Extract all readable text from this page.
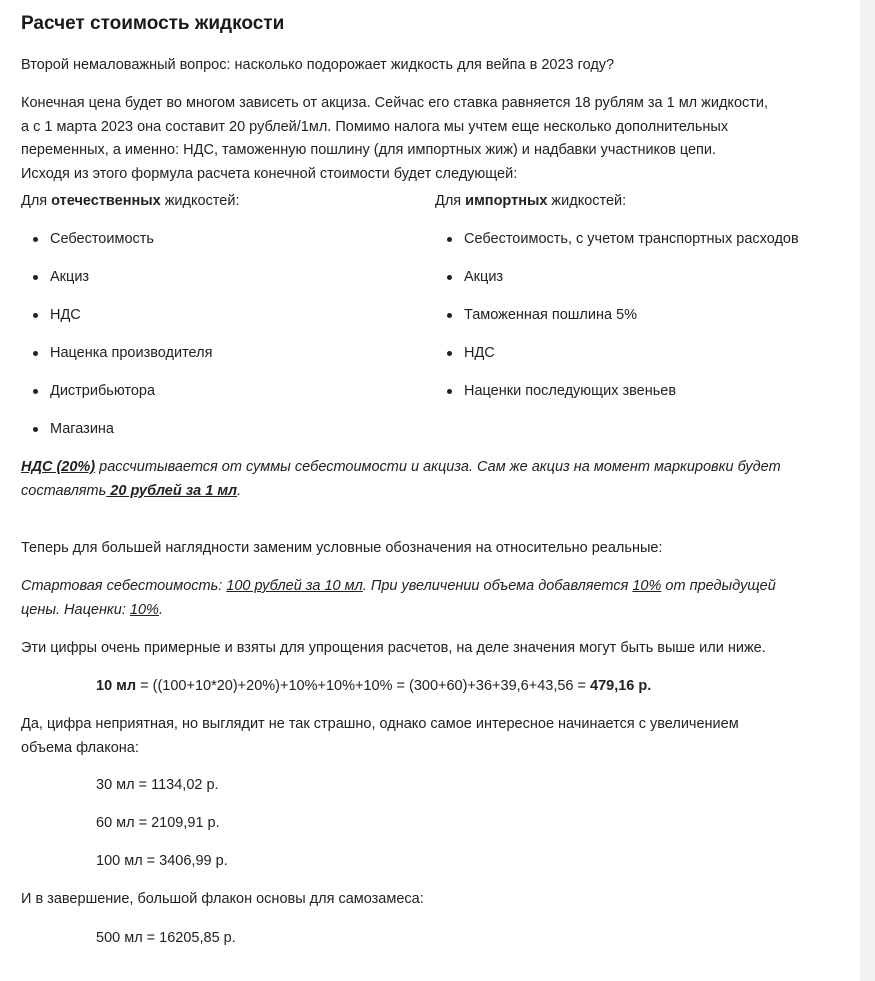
Расчет стоимость жидкости
Второй немаловажный вопрос: насколько подорожает жидкость для вейпа в 2023 году?
Конечная цена будет во многом зависеть от акциза. Сейчас его ставка равняется 18 рублям за 1 мл жидкости,
а с 1 марта 2023 она составит 20 рублей/1мл. Помимо налога мы учтем еще несколько дополнительных
переменных, а именно: НДС, таможенную пошлину (для импортных жиж) и надбавки участников цепи.
Исходя из этого формула расчета конечной стоимости будет следующей:
Для отечественных жидкостей:
Себестоимость
Акциз
НДС
Наценка производителя
Дистрибьютора
Магазина
Для импортных жидкостей:
Себестоимость, с учетом транспортных расходов
Акциз
Таможенная пошлина 5%
НДС
Наценки последующих звеньев
НДС (20%) рассчитывается от суммы себестоимости и акциза. Сам же акциз на момент маркировки будет
составлять 20 рублей за 1 мл.
Теперь для большей наглядности заменим условные обозначения на относительно реальные:
Стартовая себестоимость: 100 рублей за 10 мл. При увеличении объема добавляется 10% от предыдущей
цены. Наценки: 10%.
Эти цифры очень примерные и взяты для упрощения расчетов, на деле значения могут быть выше или ниже.
10 мл = ((100+10*20)+20%)+10%+10%+10% = (300+60)+36+39,6+43,56 = 479,16 р.
Да, цифра неприятная, но выглядит не так страшно, однако самое интересное начинается с увеличением
объема флакона:
30 мл = 1134,02 р.
60 мл = 2109,91 р.
100 мл = 3406,99 р.
И в завершение, большой флакон основы для самозамеса:
500 мл = 16205,85 р.
